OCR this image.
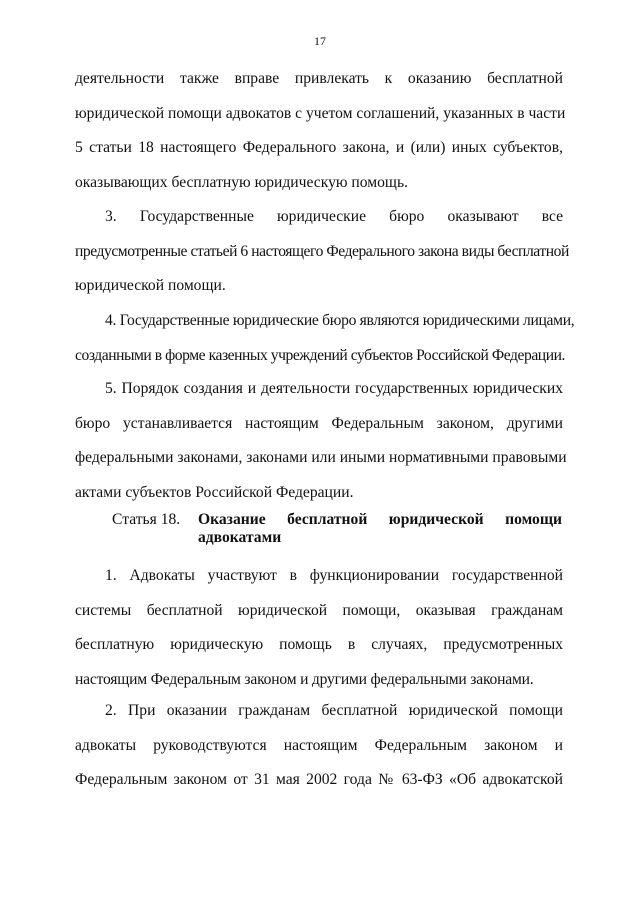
17
деятельности также вправе привлекать к оказанию бесплатной
юридической помощи адвокатов с учетом соглашений, указанных в части
5 статьи 18 настоящего Федерального закона, и (или) иных субъектов,
оказывающих бесплатную юридическую помощь.
3. Государственные юридические бюро оказывают все
предусмотренные статьей 6 настоящего Федерального закона виды бесплатной
юридической помощи.
4. Государственные юридические бюро являются юридическими лицами,
созданными в форме казенных учреждений субъектов Российской Федерации.
5. Порядок создания и деятельности государственных юридических
бюро устанавливается настоящим Федеральным законом, другими
федеральными законами, законами или иными нормативными правовыми
актами субъектов Российской Федерации.
Статья 18.	Оказание бесплатной юридической помощи
адвокатами
1. Адвокаты участвуют в функционировании государственной
системы бесплатной юридической помощи, оказывая гражданам
бесплатную юридическую помощь в случаях, предусмотренных
настоящим Федеральным законом и другими федеральными законами.
2. При оказании гражданам бесплатной юридической помощи
адвокаты руководствуются настоящим Федеральным законом и
Федеральным законом от 31 мая 2002 года № 63-ФЗ «Об адвокатской
